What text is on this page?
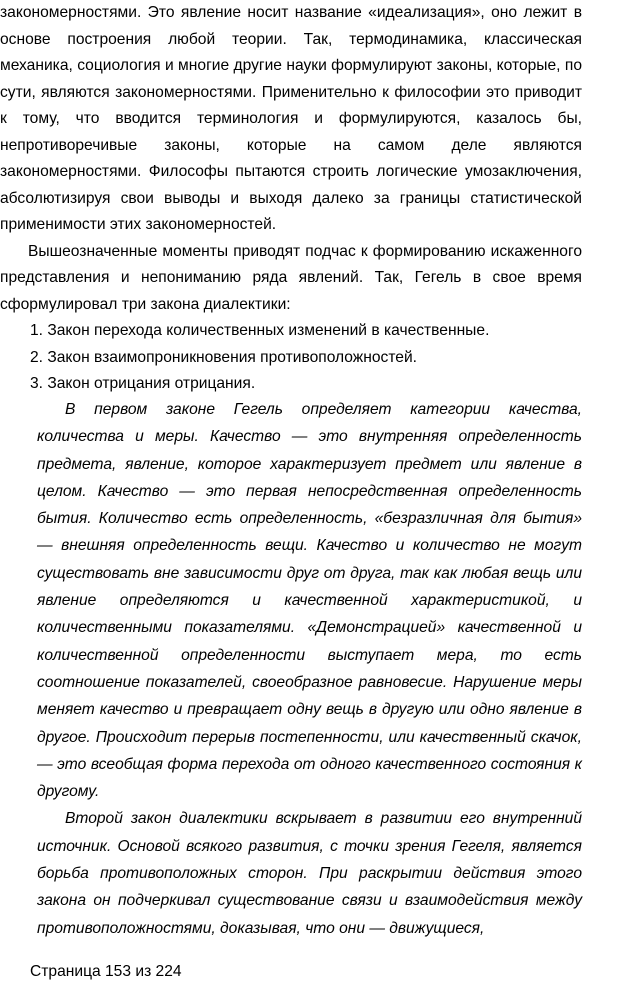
закономерностями. Это явление носит название «идеализация», оно лежит в основе построения любой теории. Так, термодинамика, классическая механика, социология и многие другие науки формулируют законы, которые, по сути, являются закономерностями. Применительно к философии это приводит к тому, что вводится терминология и формулируются, казалось бы, непротиворечивые законы, которые на самом деле являются закономерностями. Философы пытаются строить логические умозаключения, абсолютизируя свои выводы и выходя далеко за границы статистической применимости этих закономерностей.

Вышеозначенные моменты приводят подчас к формированию искаженного представления и непониманию ряда явлений. Так, Гегель в свое время сформулировал три закона диалектики:

1. Закон перехода количественных изменений в качественные.

2. Закон взаимопроникновения противоположностей.

3. Закон отрицания отрицания.

В первом законе Гегель определяет категории качества, количества и меры. Качество — это внутренняя определенность предмета, явление, которое характеризует предмет или явление в целом. Качество — это первая непосредственная определенность бытия. Количество есть определенность, «безразличная для бытия» — внешняя определенность вещи. Качество и количество не могут существовать вне зависимости друг от друга, так как любая вещь или явление определяются и качественной характеристикой, и количественными показателями. «Демонстрацией» качественной и количественной определенности выступает мера, то есть соотношение показателей, своеобразное равновесие. Нарушение меры меняет качество и превращает одну вещь в другую или одно явление в другое. Происходит перерыв постепенности, или качественный скачок,— это всеобщая форма перехода от одного качественного состояния к другому.

Второй закон диалектики вскрывает в развитии его внутренний источник. Основой всякого развития, с точки зрения Гегеля, является борьба противоположных сторон. При раскрытии действия этого закона он подчеркивал существование связи и взаимодействия между противоположностями, доказывая, что они — движущиеся,

Страница 153 из 224
